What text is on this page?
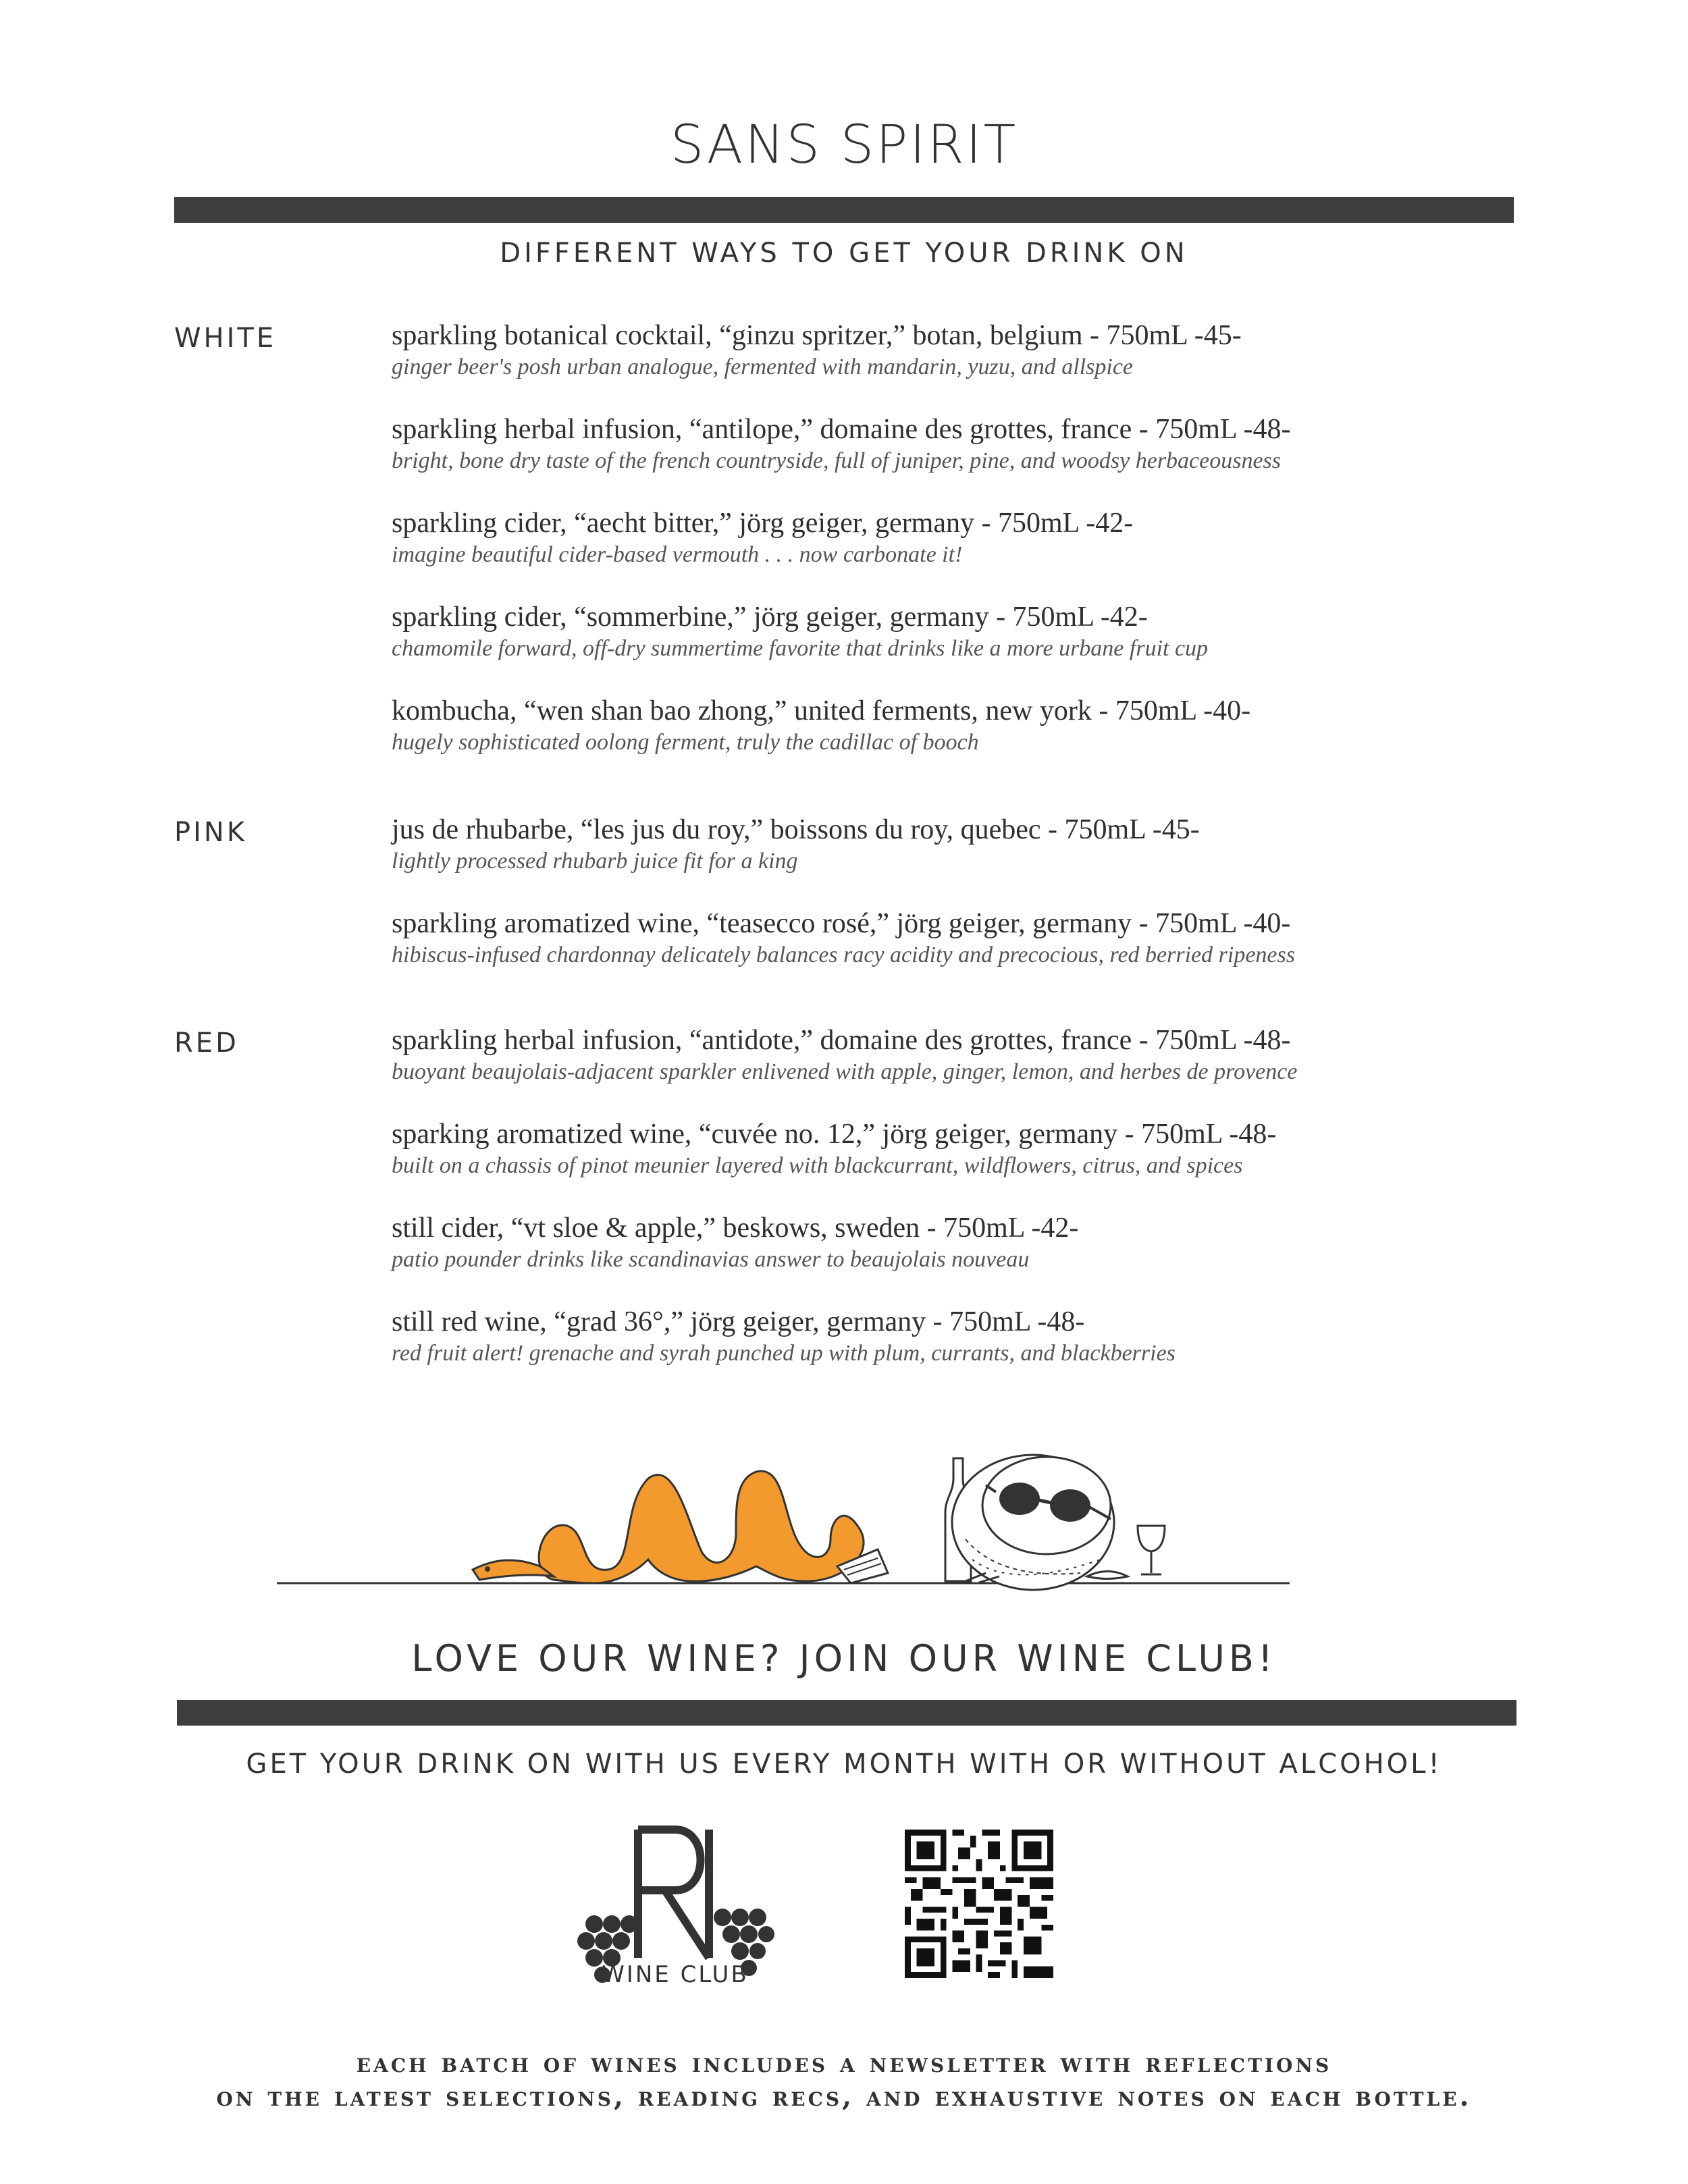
SANS SPIRIT
DIFFERENT WAYS TO GET YOUR DRINK ON
WHITE	sparkling botanical cocktail, “ginzu spritzer,” botan, belgium - 750mL -45-
ginger beer's posh urban analogue, fermented with mandarin, yuzu, and allspice
sparkling herbal infusion, “antilope,” domaine des grottes, france - 750mL -48-
bright, bone dry taste of the french countryside, full of juniper, pine, and woodsy herbaceousness
sparkling cider, “aecht bitter,” jörg geiger, germany - 750mL -42-
imagine beautiful cider-based vermouth . . . now carbonate it!
sparkling cider, “sommerbine,” jörg geiger, germany - 750mL -42-
chamomile forward, off-dry summertime favorite that drinks like a more urbane fruit cup
kombucha, “wen shan bao zhong,” united ferments, new york - 750mL -40-
hugely sophisticated oolong ferment, truly the cadillac of booch
PINK	jus de rhubarbe, “les jus du roy,” boissons du roy, quebec - 750mL -45-
lightly processed rhubarb juice fit for a king
sparkling aromatized wine, “teasecco rosé,” jörg geiger, germany - 750mL -40-
hibiscus-infused chardonnay delicately balances racy acidity and precocious, red berried ripeness
RED	sparkling herbal infusion, “antidote,” domaine des grottes, france - 750mL -48-
buoyant beaujolais-adjacent sparkler enlivened with apple, ginger, lemon, and herbes de provence
sparking aromatized wine, “cuvée no. 12,” jörg geiger, germany - 750mL -48-
built on a chassis of pinot meunier layered with blackcurrant, wildflowers, citrus, and spices
still cider, “vt sloe & apple,” beskows, sweden - 750mL -42-
patio pounder drinks like scandinavias answer to beaujolais nouveau
still red wine, “grad 36°,” jörg geiger, germany - 750mL -48-
red fruit alert! grenache and syrah punched up with plum, currants, and blackberries
LOVE OUR WINE? JOIN OUR WINE CLUB!
GET YOUR DRINK ON WITH US EVERY MONTH WITH OR WITHOUT ALCOHOL!
WINE CLUB
each batch of wines includes a newsletter with reflections
on the latest selections, reading recs, and exhaustive notes on each bottle.
